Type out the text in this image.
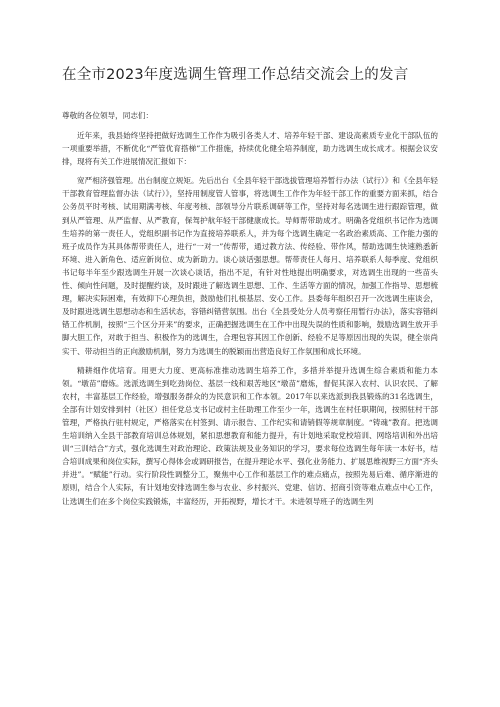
在全市2023年度选调生管理工作总结交流会上的发言

尊敬的各位领导，同志们：

近年来，我县始终坚持把做好选调生工作作为吸引各类人才、培养年轻干部、建设高素质专业化干部队伍的一项重要举措，不断优化“严管优育搭梯”工作措施，持续优化健全培养制度，助力选调生成长成才。根据会议安排，现将有关工作进展情况汇报如下：

宽严相济强管理。出台制度立规矩。先后出台《全县年轻干部选拔管理培养暂行办法（试行）》和《全县年轻干部教育管理监督办法（试行）》，坚持用制度管人管事，将选调生工作作为年轻干部工作的重要方面来抓，结合公务员平时考核、试用期满考核、年度考核、部领导分片联系调研等工作，坚持对每名选调生进行跟踪管理，做到从严管理、从严监督、从严教育，保驾护航年轻干部健康成长。导师帮带助成才。明确各党组织书记作为选调生培养的第一责任人，党组织副书记作为直接培养联系人，并为每个选调生确定一名政治素质高、工作能力强的班子成员作为其具体帮带责任人，进行“一对一”传帮带，通过教方法、传经验、带作风，帮助选调生快速熟悉新环境、进入新角色、适应新岗位、成为新助力。谈心谈话强思想。帮带责任人每月、培养联系人每季度、党组织书记每半年至少跟选调生开展一次谈心谈话，指出不足，有针对性地提出明确要求，对选调生出现的一些苗头性、倾向性问题，及时提醒约谈，及时跟进了解选调生思想、工作、生活等方面的情况，加强工作指导、思想梳理，解决实际困难，有效抑下心理负担，鼓励他们扎根基层、安心工作。县委每年组织召开一次选调生座谈会，及时跟进选调生思想动态和生活状态，容错纠错营氛围。出台《全县受处分人员考察任用暂行办法》，落实容错纠错工作机制，按照“三个区分开来”的要求，正确把握选调生在工作中出现失误的性质和影响，鼓励选调生放开手脚大胆工作，对敢于担当、积极作为的选调生，合理包容其因工作创新、经验不足等原因出现的失误，健全崇尚实干、带动担当的正向激励机制，努力为选调生的脱颖而出营造良好工作氛围和成长环境。

精耕细作优培育。用更大力度、更高标准推动选调生培养工作，多措并举提升选调生综合素质和能力本领。“墩苗”磨炼。选派选调生到吃劲岗位、基层一线和艰苦地区“墩苗”磨炼，督促其深入农村、认识农民、了解农村，丰富基层工作经验，增强服务群众的为民意识和工作本领。2017年以来选派到我县锻炼的31名选调生，全部有计划安排到村（社区）担任党总支书记或村主任助理工作至少一年，选调生在村任职期间，按照驻村干部管理，严格执行驻村规定，严格落实在村签到、请示报告、工作纪实和请销假等规章制度。“铸魂”教育。把选调生培训纳入全县干部教育培训总体规划，紧扣思想教育和能力提升，有计划地采取党校培训、网络培训和外出培训“三训结合”方式，强化选调生对政治理论、政策法规及业务知识的学习，要求每位选调生每年读一本好书，结合培训成果和岗位实际，撰写心得体会或调研报告，在提升理论水平、强化业务能力、扩展思维视野三方面“齐头并进”。“赋能”行动。实行阶段性调整分工，聚焦中心工作和基层工作的难点痛点，按照先易后难、循序渐进的原则，结合个人实际，有计划地安排选调生参与农业、乡村振兴、党建、信访、招商引资等难点难点中心工作，让选调生们在多个岗位实践锻炼，丰富经历，开拓视野，增长才干。未进领导班子的选调生列
